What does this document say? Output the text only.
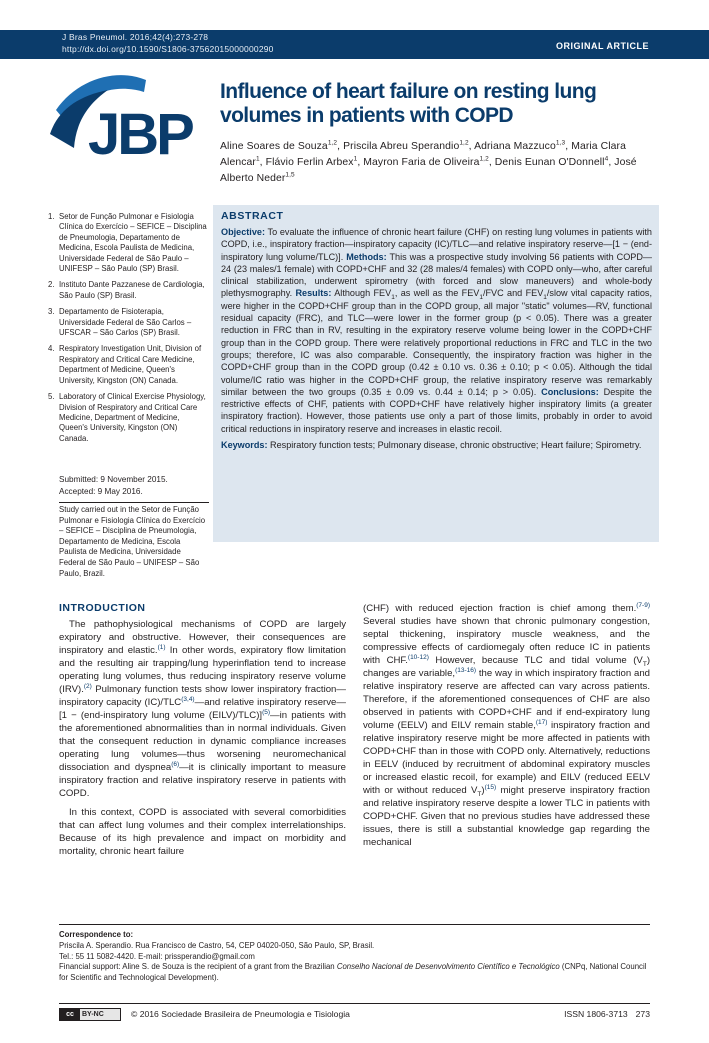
J Bras Pneumol. 2016;42(4):273-278
http://dx.doi.org/10.1590/S1806-37562015000000290	ORIGINAL ARTICLE
JBP
Influence of heart failure on resting lung volumes in patients with COPD
Aline Soares de Souza$^{1,2}$, Priscila Abreu Sperandio$^{1,2}$, Adriana Mazzuco$^{1,3}$, Maria Clara Alencar$^1$, Flávio Ferlin Arbex$^1$, Mayron Faria de Oliveira$^{1,2}$, Denis Eunan O'Donnell$^4$, José Alberto Neder$^{1,5}$
1. Setor de Função Pulmonar e Fisiologia Clínica do Exercício – SEFICE – Disciplina de Pneumologia, Departamento de Medicina, Escola Paulista de Medicina, Universidade Federal de São Paulo – UNIFESP – São Paulo (SP) Brasil.
2. Instituto Dante Pazzanese de Cardiologia, São Paulo (SP) Brasil.
3. Departamento de Fisioterapia, Universidade Federal de São Carlos – UFSCAR – São Carlos (SP) Brasil.
4. Respiratory Investigation Unit, Division of Respiratory and Critical Care Medicine, Department of Medicine, Queen's University, Kingston (ON) Canada.
5. Laboratory of Clinical Exercise Physiology, Division of Respiratory and Critical Care Medicine, Department of Medicine, Queen's University, Kingston (ON) Canada.
Submitted: 9 November 2015.
Accepted: 9 May 2016.
Study carried out in the Setor de Função Pulmonar e Fisiologia Clínica do Exercício – SEFICE – Disciplina de Pneumologia, Departamento de Medicina, Escola Paulista de Medicina, Universidade Federal de São Paulo – UNIFESP – São Paulo, Brazil.
ABSTRACT
Objective: To evaluate the influence of chronic heart failure (CHF) on resting lung volumes in patients with COPD, i.e., inspiratory fraction—inspiratory capacity (IC)/TLC—and relative inspiratory reserve—[1 − (end-inspiratory lung volume/TLC)]. Methods: This was a prospective study involving 56 patients with COPD—24 (23 males/1 female) with COPD+CHF and 32 (28 males/4 females) with COPD only—who, after careful clinical stabilization, underwent spirometry (with forced and slow maneuvers) and whole-body plethysmography. Results: Although $FEV_1$, as well as the $FEV_1$/FVC and $FEV_1$/slow vital capacity ratios, were higher in the COPD+CHF group than in the COPD group, all major "static" volumes—RV, functional residual capacity (FRC), and TLC—were lower in the former group (p < 0.05). There was a greater reduction in FRC than in RV, resulting in the expiratory reserve volume being lower in the COPD+CHF group than in the COPD group. There were relatively proportional reductions in FRC and TLC in the two groups; therefore, IC was also comparable. Consequently, the inspiratory fraction was higher in the COPD+CHF group than in the COPD group (0.42 ± 0.10 vs. 0.36 ± 0.10; p < 0.05). Although the tidal volume/IC ratio was higher in the COPD+CHF group, the relative inspiratory reserve was remarkably similar between the two groups (0.35 ± 0.09 vs. 0.44 ± 0.14; p > 0.05). Conclusions: Despite the restrictive effects of CHF, patients with COPD+CHF have relatively higher inspiratory limits (a greater inspiratory fraction). However, those patients use only a part of those limits, probably in order to avoid critical reductions in inspiratory reserve and increases in elastic recoil.
Keywords: Respiratory function tests; Pulmonary disease, chronic obstructive; Heart failure; Spirometry.
INTRODUCTION

The pathophysiological mechanisms of COPD are largely expiratory and obstructive. However, their consequences are inspiratory and elastic.$^{(1)}$ In other words, expiratory flow limitation and the resulting air trapping/lung hyperinflation tend to increase operating lung volumes, thus reducing inspiratory reserve volume (IRV).$^{(2)}$ Pulmonary function tests show lower inspiratory fraction—inspiratory capacity (IC)/TLC$^{(3,4)}$—and relative inspiratory reserve—[1 − (end-inspiratory lung volume (EILV)/TLC)]$^{(5)}$—in patients with the aforementioned abnormalities than in normal individuals. Given that the consequent reduction in dynamic compliance increases operating lung volumes—thus worsening neuromechanical dissociation and dyspnea$^{(6)}$—it is clinically important to measure inspiratory fraction and relative inspiratory reserve in patients with COPD.

In this context, COPD is associated with several comorbidities that can affect lung volumes and their complex interrelationships. Because of its high prevalence and impact on morbidity and mortality, chronic heart failure

(CHF) with reduced ejection fraction is chief among them.$^{(7-9)}$ Several studies have shown that chronic pulmonary congestion, septal thickening, inspiratory muscle weakness, and the compressive effects of cardiomegaly often reduce IC in patients with CHF.$^{(10-12)}$ However, because TLC and tidal volume $(V_T)$ changes are variable,$^{(13-16)}$ the way in which inspiratory fraction and relative inspiratory reserve are affected can vary across patients. Therefore, if the aforementioned consequences of CHF are also observed in patients with COPD+CHF and if end-expiratory lung volume (EELV) and EILV remain stable,$^{(17)}$ inspiratory fraction and relative inspiratory reserve might be more affected in patients with COPD+CHF than in those with COPD only. Alternatively, reductions in EELV (induced by recruitment of abdominal expiratory muscles or increased elastic recoil, for example) and EILV (reduced EELV with or without reduced $V_T)^{(15)}$ might preserve inspiratory fraction and relative inspiratory reserve despite a lower TLC in patients with COPD+CHF. Given that no previous studies have addressed these issues, there is still a substantial knowledge gap regarding the mechanical

Correspondence to:
Priscila A. Sperandio. Rua Francisco de Castro, 54, CEP 04020-050, São Paulo, SP, Brasil.
Tel.: 55 11 5082-4420. E-mail: prissperandio@gmail.com
Financial support: Aline S. de Souza is the recipient of a grant from the Brazilian Conselho Nacional de Desenvolvimento Científico e Tecnológico (CNPq, National Council for Scientific and Technological Development).
cc	BY-NC	© 2016 Sociedade Brasileira de Pneumologia e Tisiologia	ISSN 1806-3713 273
